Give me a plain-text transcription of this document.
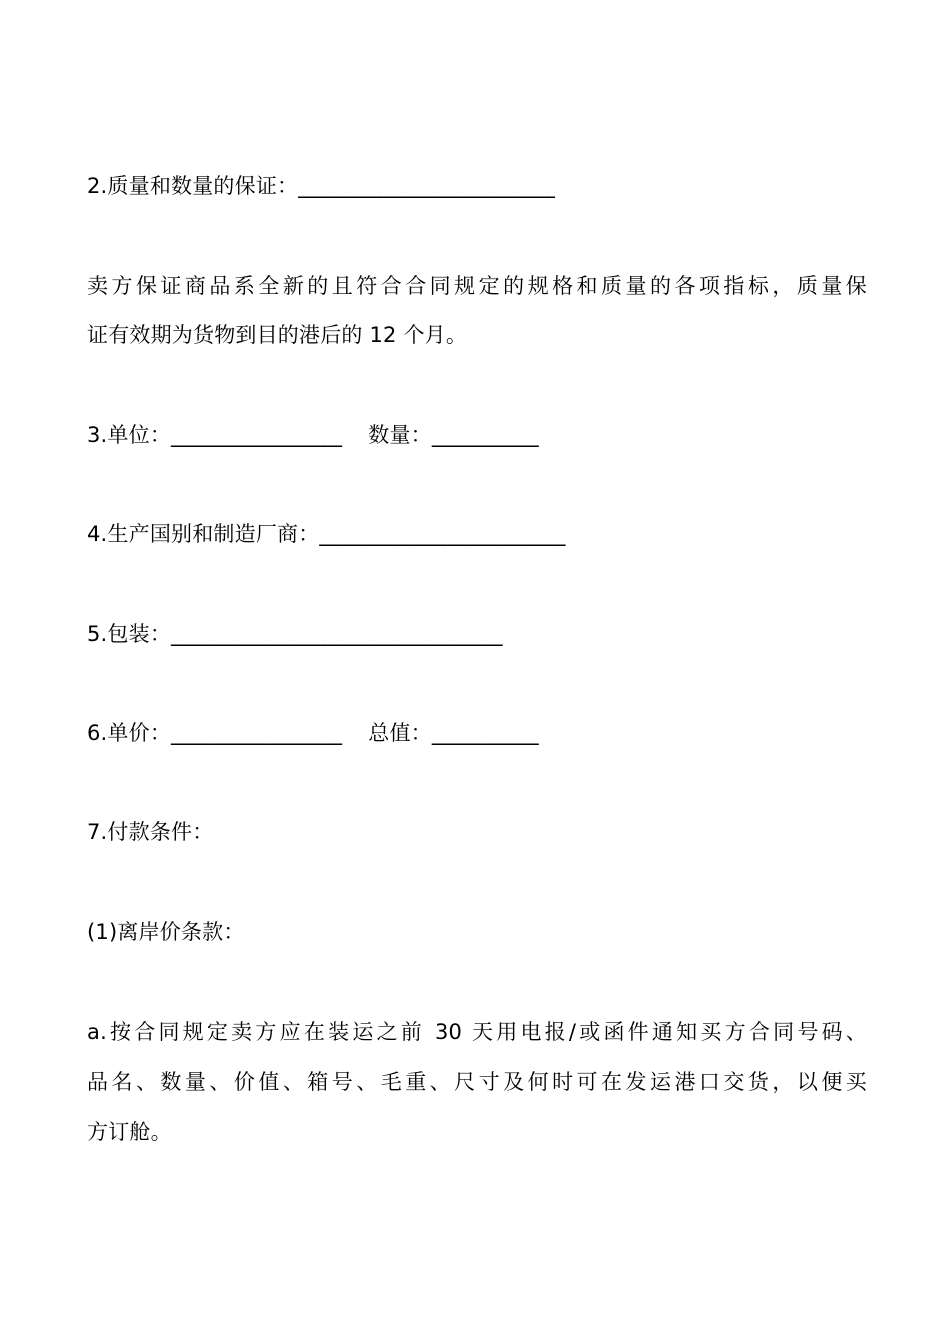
2.质量和数量的保证：________________________
卖方保证商品系全新的且符合合同规定的规格和质量的各项指标，质量保
证有效期为货物到目的港后的 12 个月。
3.单位：________________ 数量：__________
4.生产国别和制造厂商：_______________________
5.包装：_______________________________
6.单价：________________ 总值：__________
7.付款条件：
(1)离岸价条款：
a.按合同规定卖方应在装运之前 30 天用电报/或函件通知买方合同号码、
品名、数量、价值、箱号、毛重、尺寸及何时可在发运港口交货，以便买
方订舱。
